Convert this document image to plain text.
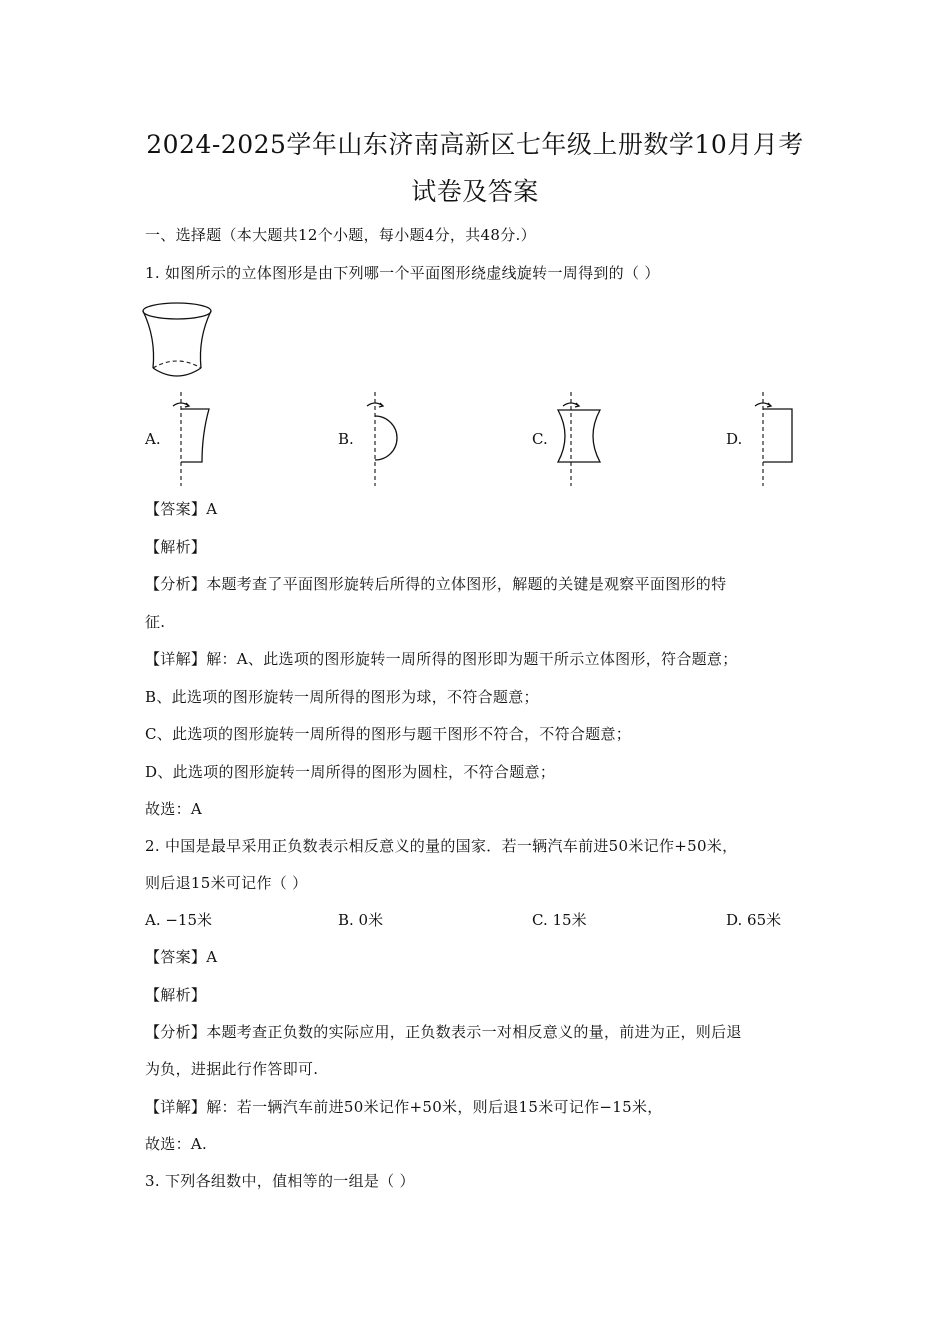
2024-2025学年山东济南高新区七年级上册数学10月月考
试卷及答案
一、选择题（本大题共12个小题，每小题4分，共48分.）
1. 如图所示的立体图形是由下列哪一个平面图形绕虚线旋转一周得到的（ ）
A.	B.	C.	D.
【答案】A
【解析】
【分析】本题考查了平面图形旋转后所得的立体图形，解题的关键是观察平面图形的特
征.
【详解】解：A、此选项的图形旋转一周所得的图形即为题干所示立体图形，符合题意；
B、此选项的图形旋转一周所得的图形为球，不符合题意；
C、此选项的图形旋转一周所得的图形与题干图形不符合，不符合题意；
D、此选项的图形旋转一周所得的图形为圆柱，不符合题意；
故选：A
2. 中国是最早采用正负数表示相反意义的量的国家．若一辆汽车前进50米记作+50米，
则后退15米可记作（ ）
A. −15米	B. 0米	C. 15米	D. 65米
【答案】A
【解析】
【分析】本题考查正负数的实际应用，正负数表示一对相反意义的量，前进为正，则后退
为负，进据此行作答即可.
【详解】解：若一辆汽车前进50米记作+50米，则后退15米可记作−15米，
故选：A.
3. 下列各组数中，值相等的一组是（ ）
